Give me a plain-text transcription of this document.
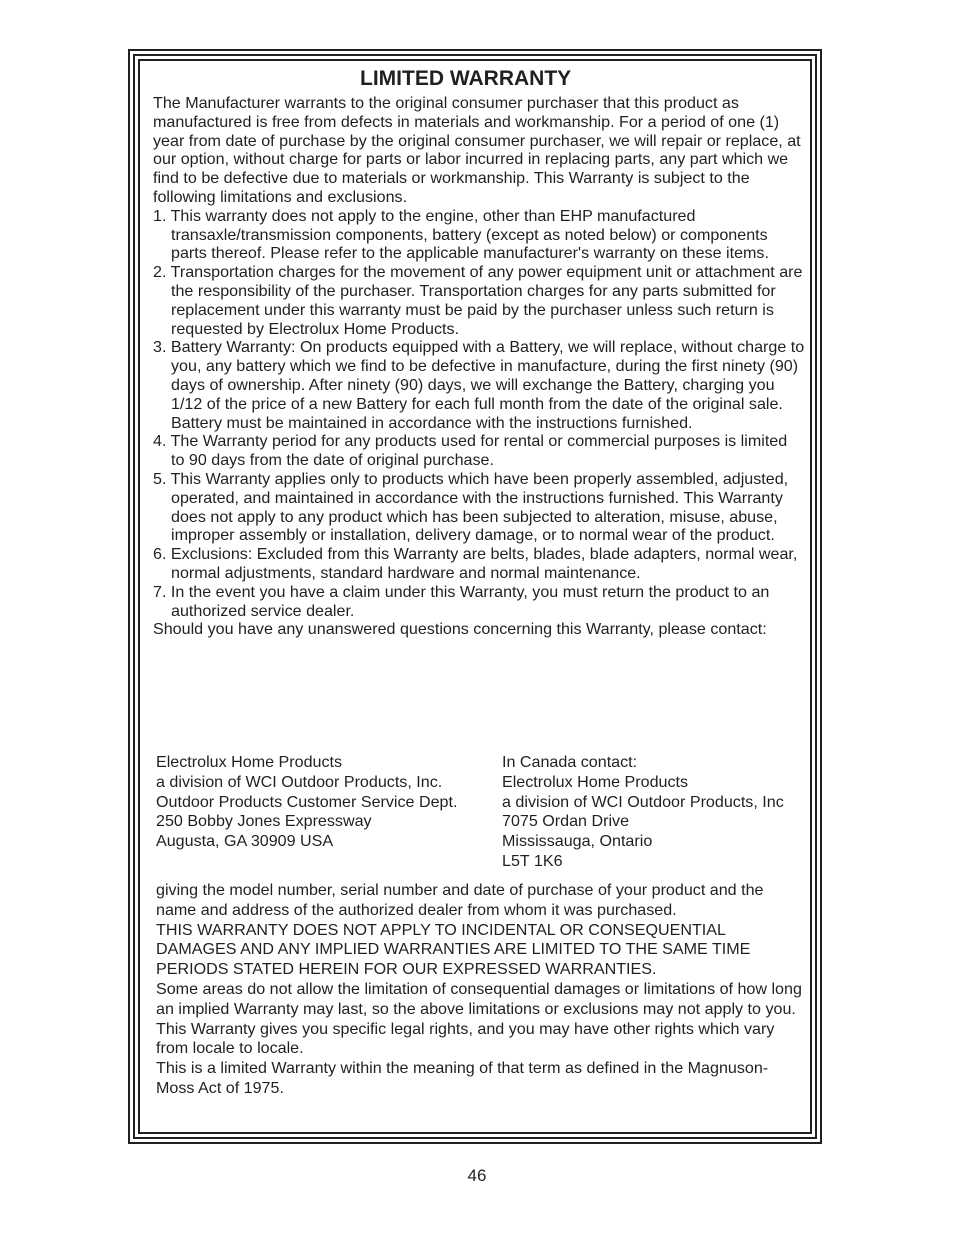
LIMITED WARRANTY

The Manufacturer warrants to the original consumer purchaser that this product as manufactured is free from defects in materials and workmanship. For a period of one (1) year from date of purchase by the original consumer purchaser, we will repair or replace, at our option, without charge for parts or labor incurred in replacing parts, any part which we find to be defective due to materials or workmanship. This Warranty is subject to the following limitations and exclusions.

1. This warranty does not apply to the engine, other than EHP manufactured transaxle/transmission components, battery (except as noted below) or components parts thereof. Please refer to the applicable manufacturer's warranty on these items.

2. Transportation charges for the movement of any power equipment unit or attachment are the responsibility of the purchaser. Transportation charges for any parts submitted for replacement under this warranty must be paid by the purchaser unless such return is requested by Electrolux Home Products.

3. Battery Warranty: On products equipped with a Battery, we will replace, without charge to you, any battery which we find to be defective in manufacture, during the first ninety (90) days of ownership. After ninety (90) days, we will exchange the Battery, charging you 1/12 of the price of a new Battery for each full month from the date of the original sale. Battery must be maintained in accordance with the instructions furnished.

4. The Warranty period for any products used for rental or commercial purposes is limited to 90 days from the date of original purchase.

5. This Warranty applies only to products which have been properly assembled, adjusted, operated, and maintained in accordance with the instructions furnished. This Warranty does not apply to any product which has been subjected to alteration, misuse, abuse, improper assembly or installation, delivery damage, or to normal wear of the product.

6. Exclusions: Excluded from this Warranty are belts, blades, blade adapters, normal wear, normal adjustments, standard hardware and normal maintenance.

7. In the event you have a claim under this Warranty, you must return the product to an authorized service dealer.

Should you have any unanswered questions concerning this Warranty, please contact:

Electrolux Home Products
a division of WCI Outdoor Products, Inc.
Outdoor Products Customer Service Dept.
250 Bobby Jones Expressway
Augusta, GA 30909 USA
In Canada contact:
Electrolux Home Products
a division of WCI Outdoor Products, Inc
7075 Ordan Drive
Mississauga, Ontario
L5T 1K6

giving the model number, serial number and date of purchase of your product and the name and address of the authorized dealer from whom it was purchased.

THIS WARRANTY DOES NOT APPLY TO INCIDENTAL OR CONSEQUENTIAL DAMAGES AND ANY IMPLIED WARRANTIES ARE LIMITED TO THE SAME TIME PERIODS STATED HEREIN FOR OUR EXPRESSED WARRANTIES.

Some areas do not allow the limitation of consequential damages or limitations of how long an implied Warranty may last, so the above limitations or exclusions may not apply to you. This Warranty gives you specific legal rights, and you may have other rights which vary from locale to locale.

This is a limited Warranty within the meaning of that term as defined in the Magnuson-Moss Act of 1975.

46
